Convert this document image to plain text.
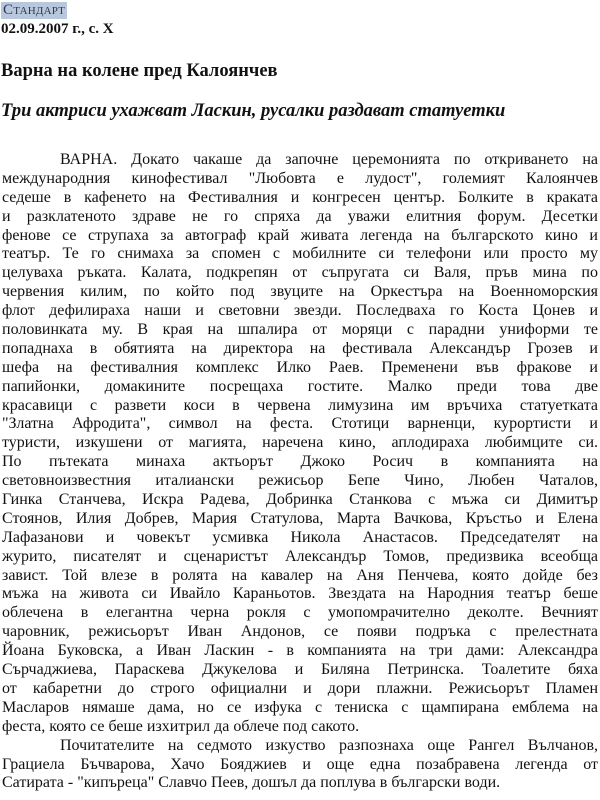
Стандарт
02.09.2007 г., с. X
Варна на колене пред Калоянчев
Три актриси ухажват Ласкин, русалки раздават статуетки
ВАРНА. Докато чакаше да започне церемонията по откриването на
международния кинофестивал "Любовта е лудост", големият Калоянчев
седеше в кафенето на Фестивалния и конгресен център. Болките в краката
и разклатеното здраве не го спряха да уважи елитния форум. Десетки
фенове се струпаха за автограф край живата легенда на българското кино и
театър. Те го снимаха за спомен с мобилните си телефони или просто му
целуваха ръката. Калата, подкрепян от съпругата си Валя, пръв мина по
червения килим, по който под звуците на Оркестъра на Военноморския
флот дефилираха наши и световни звезди. Последваха го Коста Цонев и
половинката му. В края на шпалира от моряци с парадни униформи те
попаднаха в обятията на директора на фестивала Александър Грозев и
шефа на фестивалния комплекс Илко Раев. Пременени във фракове и
папийонки, домакините посрещаха гостите. Малко преди това две
красавици с развети коси в червена лимузина им връчиха статуетката
"Златна Афродита", символ на феста. Стотици варненци, курортисти и
туристи, изкушени от магията, наречена кино, аплодираха любимците си.
По пътеката минаха актьорът Джоко Росич в компанията на
световноизвестния италиански режисьор Бепе Чино, Любен Чаталов,
Гинка Станчева, Искра Радева, Добринка Станкова с мъжа си Димитър
Стоянов, Илия Добрев, Мария Статулова, Марта Вачкова, Кръстьо и Елена
Лафазанови и човекът усмивка Никола Анастасов. Председателят на
журито, писателят и сценаристът Александър Томов, предизвика всеобща
завист. Той влезе в ролята на кавалер на Аня Пенчева, която дойде без
мъжа на живота си Ивайло Караньотов. Звездата на Народния театър беше
облечена в елегантна черна рокля с умопомрачително деколте. Вечният
чаровник, режисьорът Иван Андонов, се появи подръка с прелестната
Йоана Буковска, а Иван Ласкин - в компанията на три дами: Александра
Сърчаджиева, Параскева Джукелова и Биляна Петринска. Тоалетите бяха
от кабаретни до строго официални и дори плажни. Режисьорът Пламен
Масларов нямаше дама, но се изфука с тениска с щампирана емблема на
феста, която се беше изхитрил да облече под сакото.
Почитателите на седмото изкуство разпознаха още Рангел Вълчанов,
Грациела Бъчварова, Хачо Бояджиев и още една позабравена легенда от
Сатирата - "кипъреца" Славчо Пеев, дошъл да поплува в български води.
